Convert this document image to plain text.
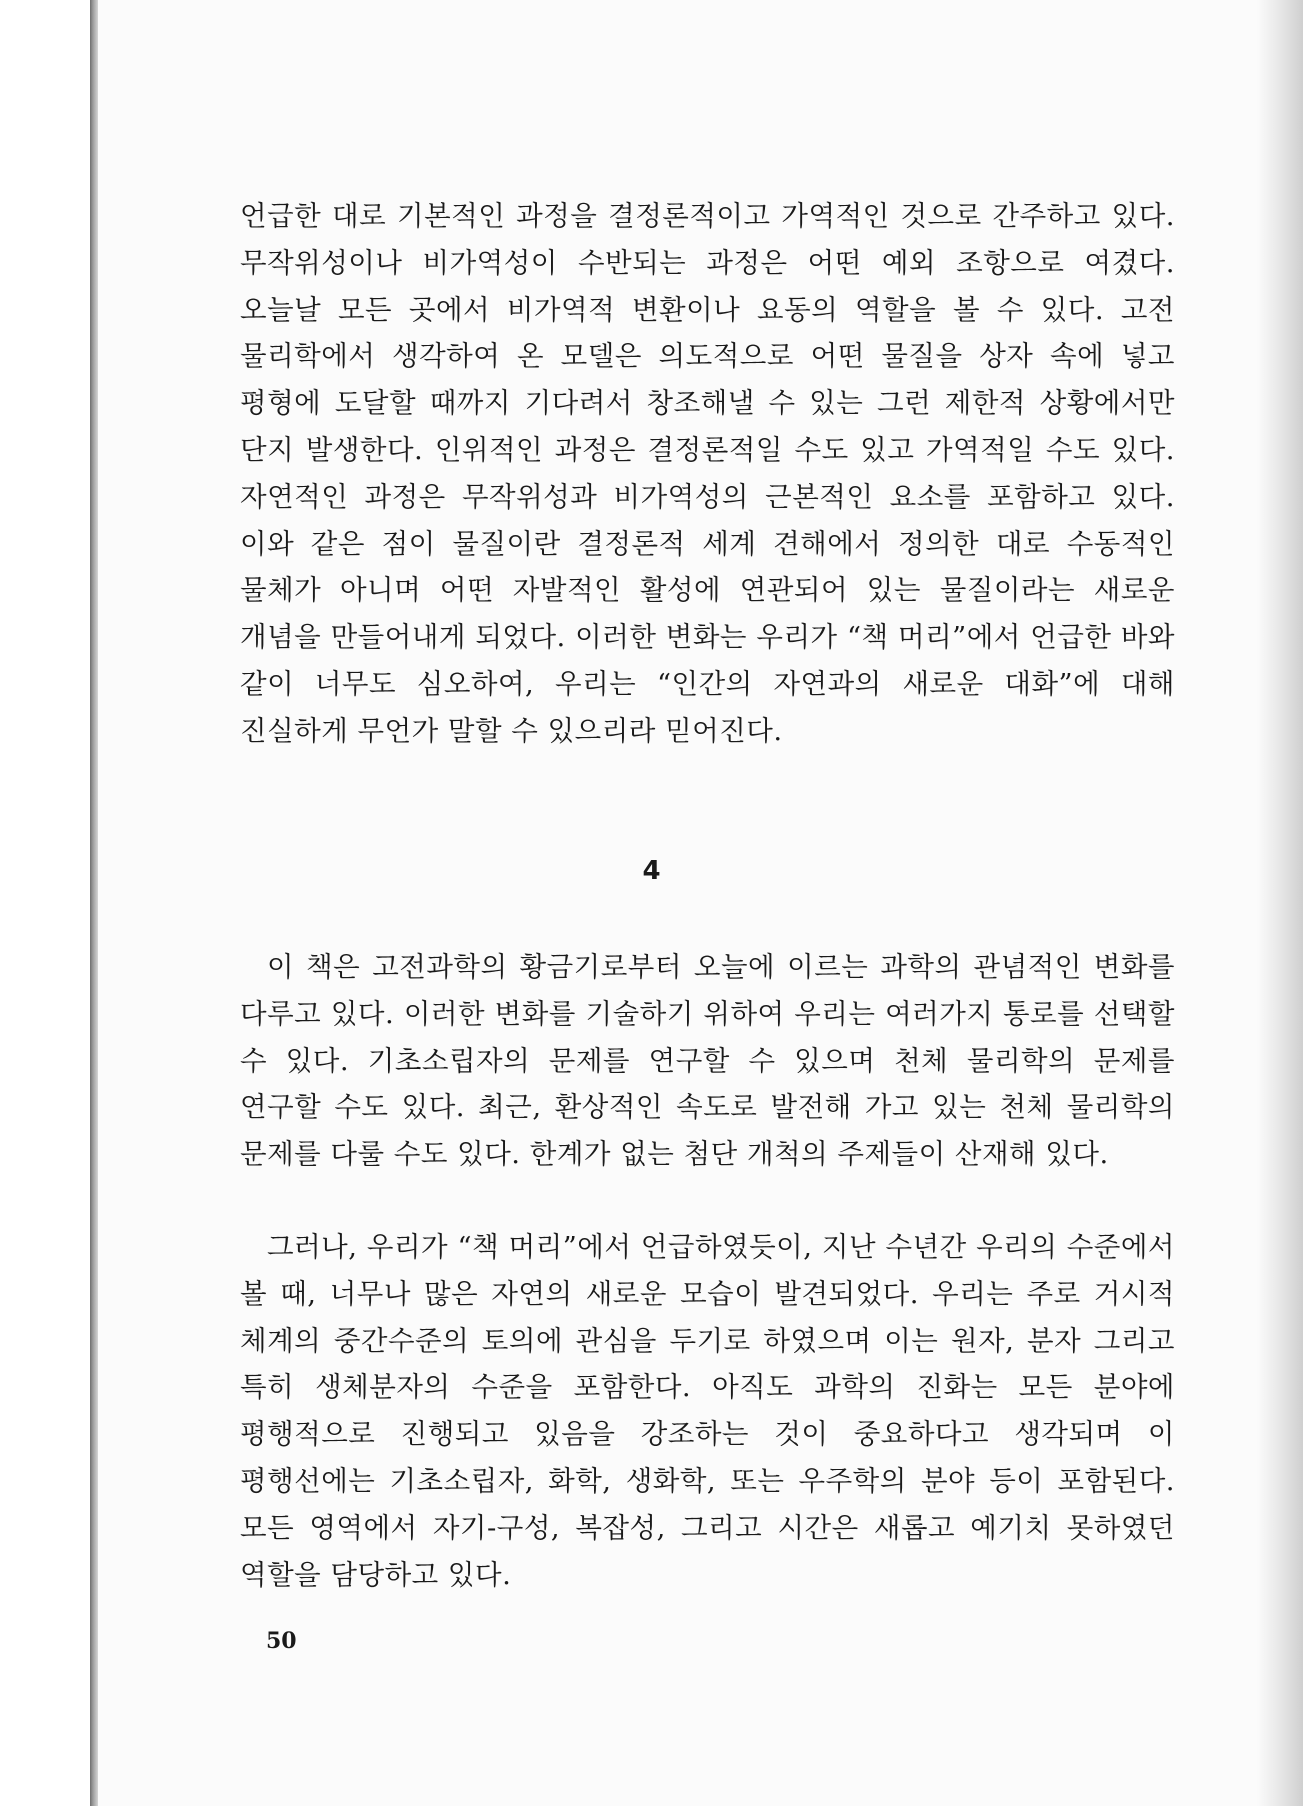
언급한 대로 기본적인 과정을 결정론적이고 가역적인 것으로 간주하고 있다. 무작위성이나 비가역성이 수반되는 과정은 어떤 예외 조항으로 여겼다. 오늘날 모든 곳에서 비가역적 변환이나 요동의 역할을 볼 수 있다. 고전 물리학에서 생각하여 온 모델은 의도적으로 어떤 물질을 상자 속에 넣고 평형에 도달할 때까지 기다려서 창조해낼 수 있는 그런 제한적 상황에서만 단지 발생한다. 인위적인 과정은 결정론적일 수도 있고 가역적일 수도 있다. 자연적인 과정은 무작위성과 비가역성의 근본적인 요소를 포함하고 있다. 이와 같은 점이 물질이란 결정론적 세계 견해에서 정의한 대로 수동적인 물체가 아니며 어떤 자발적인 활성에 연관되어 있는 물질이라는 새로운 개념을 만들어내게 되었다. 이러한 변화는 우리가 “책 머리”에서 언급한 바와 같이 너무도 심오하여, 우리는 “인간의 자연과의 새로운 대화”에 대해 진실하게 무언가 말할 수 있으리라 믿어진다.

4

이 책은 고전과학의 황금기로부터 오늘에 이르는 과학의 관념적인 변화를 다루고 있다. 이러한 변화를 기술하기 위하여 우리는 여러가지 통로를 선택할 수 있다. 기초소립자의 문제를 연구할 수 있으며 천체 물리학의 문제를 연구할 수도 있다. 최근, 환상적인 속도로 발전해 가고 있는 천체 물리학의 문제를 다룰 수도 있다. 한계가 없는 첨단 개척의 주제들이 산재해 있다.

그러나, 우리가 “책 머리”에서 언급하였듯이, 지난 수년간 우리의 수준에서 볼 때, 너무나 많은 자연의 새로운 모습이 발견되었다. 우리는 주로 거시적 체계의 중간수준의 토의에 관심을 두기로 하였으며 이는 원자, 분자 그리고 특히 생체분자의 수준을 포함한다. 아직도 과학의 진화는 모든 분야에 평행적으로 진행되고 있음을 강조하는 것이 중요하다고 생각되며 이 평행선에는 기초소립자, 화학, 생화학, 또는 우주학의 분야 등이 포함된다. 모든 영역에서 자기-구성, 복잡성, 그리고 시간은 새롭고 예기치 못하였던 역할을 담당하고 있다.

50
